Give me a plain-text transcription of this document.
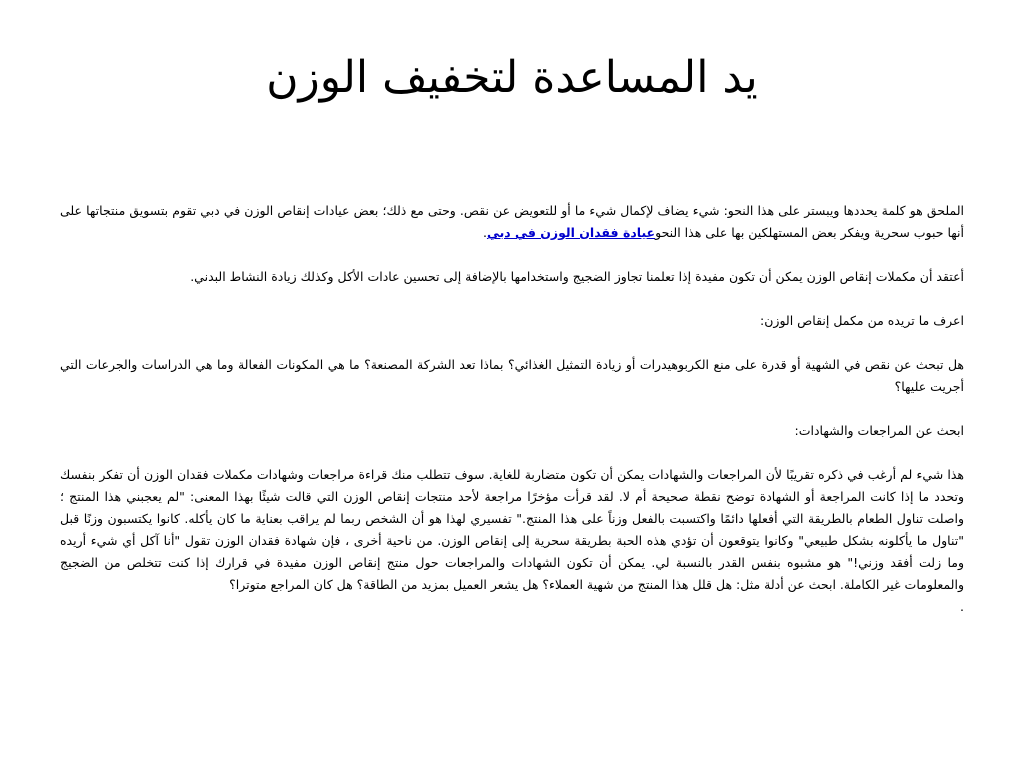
يد المساعدة لتخفيف الوزن

الملحق هو كلمة يحددها ويبستر على هذا النحو: شيء يضاف لإكمال شيء ما أو للتعويض عن نقص. وحتى مع ذلك؛ بعض عيادات إنقاص الوزن في دبي تقوم بتسويق منتجاتها على أنها حبوب سحرية ويفكر بعض المستهلكين بها على هذا النحوعيادة فقدان الوزن في دبي.

أعتقد أن مكملات إنقاص الوزن يمكن أن تكون مفيدة إذا تعلمنا تجاوز الضجيج واستخدامها بالإضافة إلى تحسين عادات الأكل وكذلك زيادة النشاط البدني.

اعرف ما تريده من مكمل إنقاص الوزن:

هل تبحث عن نقص في الشهية أو قدرة على منع الكربوهيدرات أو زيادة التمثيل الغذائي؟ بماذا تعد الشركة المصنعة؟ ما هي المكونات الفعالة وما هي الدراسات والجرعات التي أجريت عليها؟

ابحث عن المراجعات والشهادات:

هذا شيء لم أرغب في ذكره تقريبًا لأن المراجعات والشهادات يمكن أن تكون متضاربة للغاية. سوف تتطلب منك قراءة مراجعات وشهادات مكملات فقدان الوزن أن تفكر بنفسك وتحدد ما إذا كانت المراجعة أو الشهادة توضح نقطة صحيحة أم لا. لقد قرأت مؤخرًا مراجعة لأحد منتجات إنقاص الوزن التي قالت شيئًا بهذا المعنى: "لم يعجبني هذا المنتج ؛ واصلت تناول الطعام بالطريقة التي أفعلها دائمًا واكتسبت بالفعل وزناً على هذا المنتج." تفسيري لهذا هو أن الشخص ربما لم يراقب بعناية ما كان يأكله. كانوا يكتسبون وزنًا قبل "تناول ما يأكلونه بشكل طبيعي" وكانوا يتوقعون أن تؤدي هذه الحبة بطريقة سحرية إلى إنقاص الوزن. من ناحية أخرى ، فإن شهادة فقدان الوزن تقول "أنا آكل أي شيء أريده وما زلت أفقد وزني!" هو مشبوه بنفس القدر بالنسبة لي. يمكن أن تكون الشهادات والمراجعات حول منتج إنقاص الوزن مفيدة في قرارك إذا كنت تتخلص من الضجيج والمعلومات غير الكاملة. ابحث عن أدلة مثل: هل قلل هذا المنتج من شهية العملاء؟ هل يشعر العميل بمزيد من الطاقة؟ هل كان المراجع متوترا؟

.
